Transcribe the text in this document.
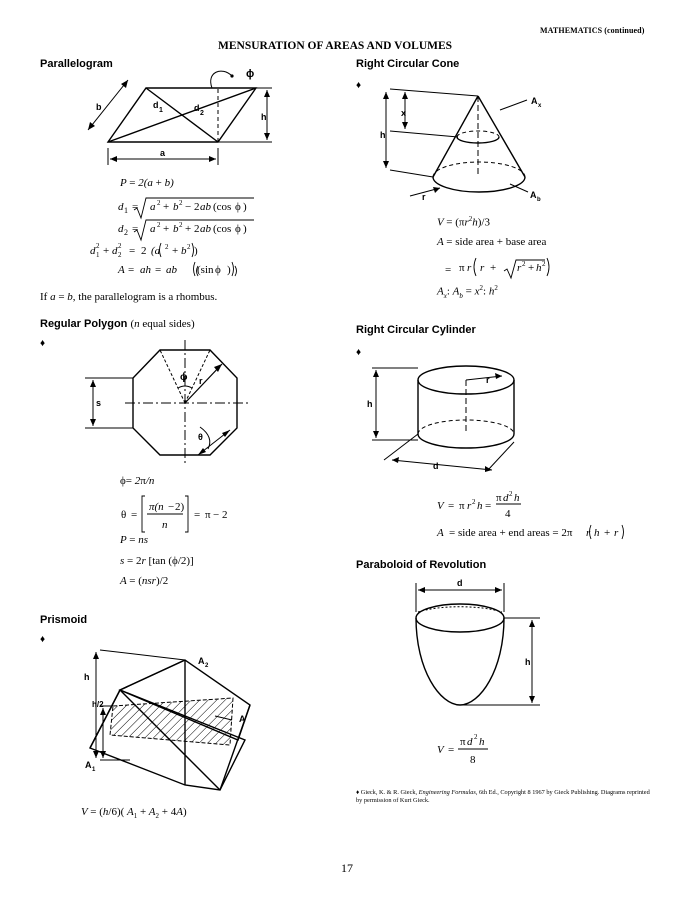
MATHEMATICS (continued)
MENSURATION OF AREAS AND VOLUMES
Parallelogram
b	d
1	d
2
ϕ
h
a
P = 2(a + b)
d 1 = a 2 + b 2 − 2 ab (cos ϕ )
d 2 = a 2 + b 2 + 2 ab (cos ϕ )
d 2
1 + d 2
2 = 2 (a 2 + b 2 )
A = ah = ab (sin ϕ )
If a = b, the parallelogram is a rhombus.
Regular Polygon (n equal sides)
♦
ϕ r
s
θ
ϕ= 2π/n
θ =
π(n − 2)
n
= π − 2
P = ns
s = 2r [tan (ϕ/2)]
A = (nsr)/2
Prismoid
♦
h
h/2
A
A 2
A 1
V = (h/6)( $A_1 + A_2 + 4A$)
Right Circular Cone
♦
x
h
r
A x
A b
$V = (\pi r^2h)/3$
A = side area + base area
= π r r + r 2 + h 2
$A_x$: $A_b = x^2$: $h^2$
Right Circular Cylinder
♦
r
h
d
V = π r 2 h =
π d 2 h
4
A = side area + end areas = 2π r h + r
Paraboloid of Revolution
d
h
V =
π d 2 h
8
♦ Gieck, K. & R. Gieck, Engineering Formulas, 6th Ed., Copyright 8 1967 by Gieck Publishing. Diagrams reprinted by permission of Kurt Gieck.
17
